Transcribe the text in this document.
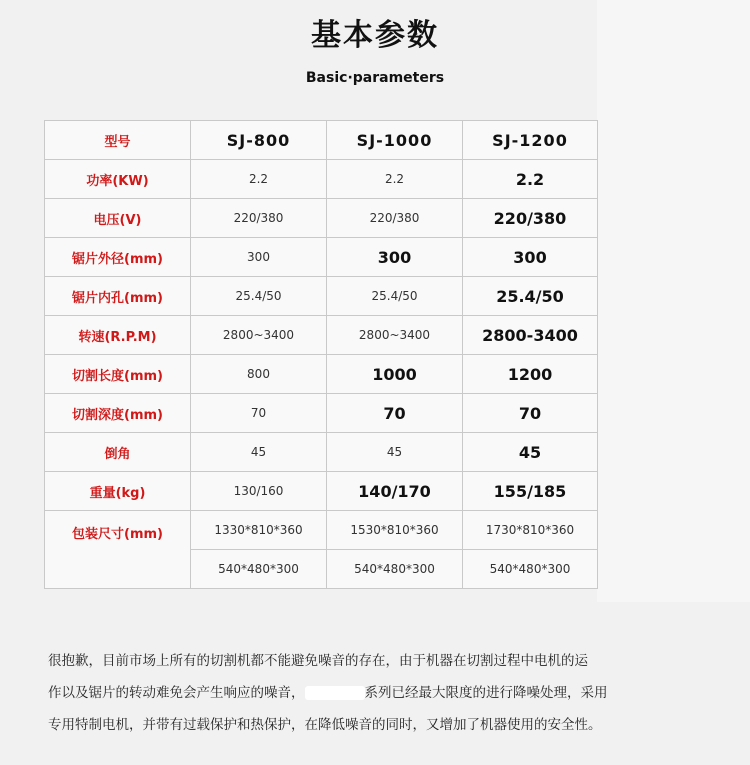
基本参数
Basic·parameters
型号	SJ-800	SJ-1000	SJ-1200
功率(KW)	2.2	2.2	2.2
电压(V)	220/380	220/380	220/380
锯片外径(mm)	300	300	300
锯片内孔(mm)	25.4/50	25.4/50	25.4/50
转速(R.P.M)	2800~3400	2800~3400	2800-3400
切割长度(mm)	800	1000	1200
切割深度(mm)	70	70	70
倒角	45	45	45
重量(kg)	130/160	140/170	155/185
包装尺寸(mm)	1330*810*360	1530*810*360	1730*810*360
	540*480*300	540*480*300	540*480*300
很抱歉，目前市场上所有的切割机都不能避免噪音的存在，由于机器在切割过程中电机的运
作以及锯片的转动难免会产生响应的噪音，	系列已经最大限度的进行降噪处理，采用
专用特制电机，并带有过载保护和热保护，在降低噪音的同时，又增加了机器使用的安全性。
